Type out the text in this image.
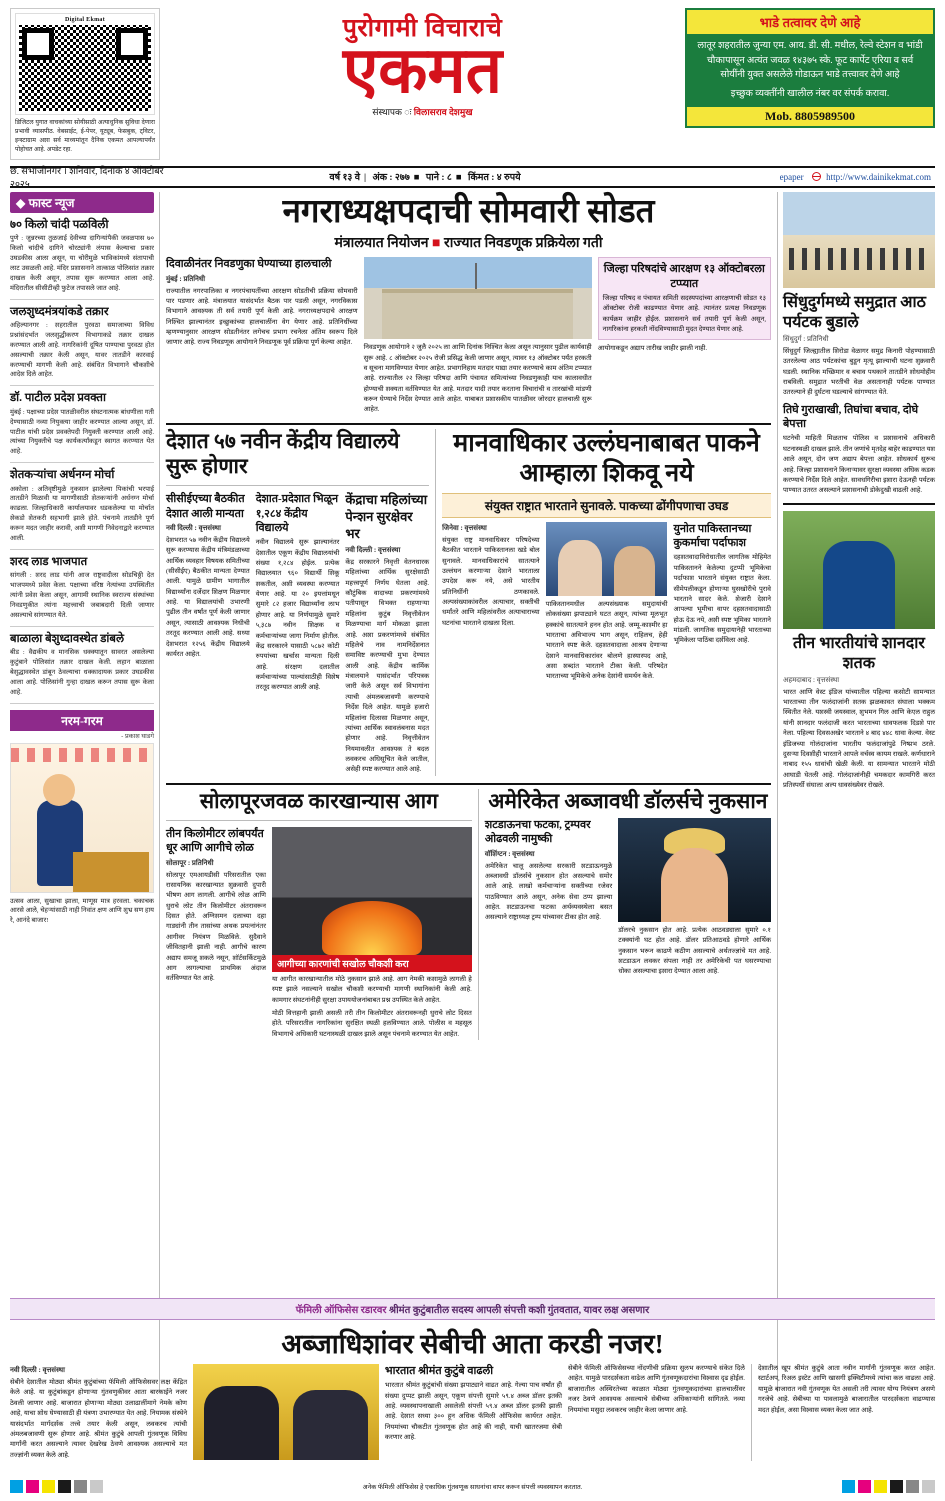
Digital Ekmat
डिजिटल युगात वाचकांच्या सोयीसाठी अत्याधुनिक सुविधा देणारा प्रभावी व्यासपीठ. वेबसाईट, ई-पेपर, यूट्यूब, फेसबुक, ट्विटर, इन्स्टाग्राम अशा सर्व माध्यमांतून दैनिक एकमत आपल्यापर्यंत पोहोचत आहे. अपडेट रहा.
पुरोगामी विचाराचे
एकमत
संस्थापक ः विलासराव देशमुख
भाडे तत्वावर देणे आहे
लातूर शहरातील जुन्या एम. आय. डी. सी. मधील, रेल्वे स्टेशन व भांडी चौकापासून अत्यंत जवळ १४३७५ स्के. फूट कार्पेट एरिया व सर्व सोयींनी युक्त असलेले गोडाऊन भाडे तत्त्वावर देणे आहे
इच्छुक व्यक्तींनी खालील नंबर वर संपर्क करावा.
Mob. 8805989500
छ. संभाजीनगर । शनिवार, दिनांक ४ ऑक्टोबर २०२५
वर्ष १३ वे | अंक : २७७ ■ पाने : ८ ■ किंमत : ४ रुपये	epaper	http://www.dainikekmat.com
◆ फास्ट न्यूज
७० किलो चांदी पळविली
पुणे : जुन्नरच्या तुळजाई देवीच्या दागिन्यांपैकी जवळपास ७० किलो चांदीचे दागिने चोरट्यांनी लंपास केल्याचा प्रकार उघडकीस आला असून, या चोरीमुळे भाविकांमध्ये संतापाची लाट उसळली आहे. मंदिर प्रशासनाने तात्काळ पोलिसांत तक्रार दाखल केली असून, तपास सुरू करण्यात आला आहे. मंदिरातील सीसीटीव्ही फुटेज तपासले जात आहे.
जलशुध्दमंत्रयांकडे तक्रार
अहिल्यानगर : शहरातील पुरवठा समाजाच्या विविध प्रश्नांसंदर्भात जलशुद्धीकरण विभागाकडे तक्रार दाखल करण्यात आली आहे. नागरिकांनी दूषित पाण्याचा पुरवठा होत असल्याची तक्रार केली असून, यावर तातडीने कारवाई करण्याची मागणी केली आहे. संबंधित विभागाने चौकशीचे आदेश दिले आहेत.
डॉ. पाटील प्रदेश प्रवक्ता
मुंबई : पक्षाच्या प्रदेश पातळीवरील संघटनात्मक बांधणीला गती देण्यासाठी नव्या नियुक्त्या जाहीर करण्यात आल्या असून, डॉ. पाटील यांची प्रदेश प्रवक्तेपदी नियुक्ती करण्यात आली आहे. त्यांच्या नियुक्तीचे पक्ष कार्यकर्त्यांकडून स्वागत करण्यात येत आहे.
शेतकऱ्यांचा अर्धनग्न मोर्चा
अकोला : अतिवृष्टीमुळे नुकसान झालेल्या पिकांची भरपाई तातडीने मिळावी या मागणीसाठी शेतकऱ्यांनी अर्धनग्न मोर्चा काढला. जिल्हाधिकारी कार्यालयावर धडकलेल्या या मोर्चात शेकडो शेतकरी सहभागी झाले होते. पंचनामे तातडीने पूर्ण करून मदत जाहीर करावी, अशी मागणी निवेदनाद्वारे करण्यात आली.
शरद लाड भाजपात
सांगली : शरद लाड यांनी आज राष्ट्रवादीला सोडचिठ्ठी देत भाजपमध्ये प्रवेश केला. पक्षाच्या वरिष्ठ नेत्यांच्या उपस्थितीत त्यांनी प्रवेश केला असून, आगामी स्थानिक स्वराज्य संस्थांच्या निवडणुकीत त्यांना महत्त्वाची जबाबदारी दिली जाणार असल्याचे सांगण्यात येते.
बाळाला बेशुध्दावस्थेत डांबले
बीड : वैद्यकीय व मानसिक धक्क्यातून सावरत असलेल्या कुटुंबाने पोलिसांत तक्रार दाखल केली. लहान बाळाला बेशुद्धावस्थेत डांबून ठेवल्याचा धक्कादायक प्रकार उघडकीस आला आहे. पोलिसांनी गुन्हा दाखल करून तपास सुरू केला आहे.
नरम-गरम
- प्रकाश घाडगे
उत्सव आला, सुखाचा झाला, माणूस मात्र हरवला. चकाचक आरसे आले, चेहऱ्यांसाठी नाही निवांत क्षण आणि शुभ्र सण हाय रे, आनंदे बाजार!
नगराध्यक्षपदाची सोमवारी सोडत
मंत्रालयात नियोजन ■ राज्यात निवडणूक प्रक्रियेला गती
दिवाळीनंतर निवडणुका घेण्याच्या हालचाली
मुंबई : प्रतिनिधी
राज्यातील नगरपालिका व नगरपंचायतींच्या आरक्षण सोडतीची प्रक्रिया सोमवारी पार पडणार आहे. मंत्रालयात यासंदर्भात बैठक पार पडली असून, नगरविकास विभागाने आवश्यक ती सर्व तयारी पूर्ण केली आहे. नगराध्यक्षपदाचे आरक्षण निश्चित झाल्यानंतर इच्छुकांच्या हालचालींना वेग येणार आहे. प्रतिनिधींच्या म्हणण्यानुसार आरक्षण सोडतीनंतर लगेचच प्रभाग रचनेला अंतिम स्वरूप दिले जाणार आहे. राज्य निवडणूक आयोगाने निवडणूक पूर्व प्रक्रिया पूर्ण केल्या आहेत.
निवडणूक आयोगाने २ जुलै २०२५ ला आणि दिनांक निश्चित केला असून त्यानुसार पुढील कार्यवाही सुरू आहे. ८ ऑक्टोबर २०२५ रोजी प्रसिद्ध केली जाणार असून, त्यावर १३ ऑक्टोबर पर्यंत हरकती व सूचना मागविण्यात येणार आहेत. प्रभागनिहाय मतदार याद्या तयार करण्याचे काम अंतिम टप्प्यात आहे. राज्यातील २२ जिल्हा परिषदा आणि पंचायत समित्यांच्या निवडणुकाही याच कालावधीत होण्याची शक्यता वर्तविण्यात येत आहे. मतदार यादी तयार करताना विचारांची व तारखांची मांडणी करून घेण्याचे निर्देश देण्यात आले आहेत. याबाबत प्रशासकीय पातळीवर जोरदार हालचाली सुरू आहेत.
जिल्हा परिषदांचे आरक्षण १३ ऑक्टोबरला टप्प्यात
जिल्हा परिषद व पंचायत समिती सदस्यपदांच्या आरक्षणाची सोडत १३ ऑक्टोबर रोजी काढण्यात येणार आहे. त्यानंतर प्रत्यक्ष निवडणूक कार्यक्रम जाहीर होईल. प्रशासनाने सर्व तयारी पूर्ण केली असून, नागरिकांना हरकती नोंदविण्यासाठी मुदत देण्यात येणार आहे.
आयोगाकडून अद्याप तारीख जाहीर झाली नाही.
देशात ५७ नवीन केंद्रीय विद्यालये सुरू होणार
सीसीईएच्या बैठकीत देशात आली मान्यता
नवी दिल्ली : वृत्तसंस्था
देशभरात ५७ नवीन केंद्रीय विद्यालये सुरू करण्यास केंद्रीय मंत्रिमंडळाच्या आर्थिक व्यवहार विषयक समितीच्या (सीसीईए) बैठकीत मान्यता देण्यात आली. यामुळे ग्रामीण भागातील विद्यार्थ्यांना दर्जेदार शिक्षण मिळणार आहे. या विद्यालयांची उभारणी पुढील तीन वर्षांत पूर्ण केली जाणार असून, त्यासाठी आवश्यक निधीची तरतूद करण्यात आली आहे. सध्या देशभरात १२५६ केंद्रीय विद्यालये कार्यरत आहेत.
देशात-प्रदेशात भिळून १,२८४ केंद्रीय विद्यालये
नवीन विद्यालये सुरू झाल्यानंतर देशातील एकूण केंद्रीय विद्यालयांची संख्या १,२८४ होईल. प्रत्येक विद्यालयात ९६० विद्यार्थी शिकू शकतील, अशी व्यवस्था करण्यात येणार आहे. या २० इयत्तांमधून सुमारे ८२ हजार विद्यार्थ्यांना लाभ होणार आहे. या निर्णयामुळे सुमारे ५,३८७ नवीन शिक्षक व कर्मचाऱ्यांच्या जागा निर्माण होतील. केंद्र सरकारने यासाठी ५८७२ कोटी रुपयांच्या खर्चास मान्यता दिली आहे. संरक्षण दलातील कर्मचाऱ्यांच्या पाल्यांसाठीही विशेष तरतूद करण्यात आली आहे.
केंद्राचा महिलांच्या पेन्शन सुरक्षेवर भर
नवी दिल्ली : वृत्तसंस्था
केंद्र सरकारने निवृत्ती वेतनधारक महिलांच्या आर्थिक सुरक्षेसाठी महत्त्वपूर्ण निर्णय घेतला आहे. कौटुंबिक वादाच्या प्रकरणांमध्ये पतीपासून विभक्त राहणाऱ्या महिलांना कुटुंब निवृत्तीवेतन मिळण्याचा मार्ग मोकळा झाला आहे. अशा प्रकरणांमध्ये संबंधित महिलेचे नाव नामनिर्देशनात समाविष्ट करण्याची मुभा देण्यात आली आहे. केंद्रीय कार्मिक मंत्रालयाने यासंदर्भात परिपत्रक जारी केले असून सर्व विभागांना त्याची अंमलबजावणी करण्याचे निर्देश दिले आहेत. यामुळे हजारो महिलांना दिलासा मिळणार असून, त्यांच्या आर्थिक स्वावलंबनास मदत होणार आहे. निवृत्तीवेतन नियमावलीत आवश्यक ते बदल लवकरच अधिसूचित केले जातील, असेही स्पष्ट करण्यात आले आहे.
मानवाधिकार उल्लंघनाबाबत पाकने आम्हाला शिकवू नये
संयुक्त राष्ट्रात भारताने सुनावले. पाकच्या ढोंगीपणाचा उघड
जिनेवा : वृत्तसंस्था
संयुक्त राष्ट्र मानवाधिकार परिषदेच्या बैठकीत भारताने पाकिस्तानला खडे बोल सुनावले. मानवाधिकारांचे सातत्याने उल्लंघन करणाऱ्या देशाने भारताला उपदेश करू नये, असे भारतीय प्रतिनिधींनी ठणकावले. अल्पसंख्याकांवरील अत्याचार, सक्तीची धर्मांतरे आणि महिलांवरील अत्याचाराच्या घटनांचा भारताने दाखला दिला.
पाकिस्तानमधील अल्पसंख्याक समुदायांची लोकसंख्या झपाट्याने घटत असून, त्यांच्या मूलभूत हक्कांचे सातत्याने हनन होत आहे. जम्मू-काश्मीर हा भारताचा अविभाज्य भाग असून, राहिलच, हेही भारताने स्पष्ट केले. दहशतवादाला आश्रय देणाऱ्या देशाने मानवाधिकारांवर बोलणे हास्यास्पद आहे, अशा शब्दांत भारताने टीका केली. परिषदेत भारताच्या भूमिकेचे अनेक देशांनी समर्थन केले.
युनोत पाकिस्तानच्या कुकर्माचा पर्दाफाश
दहशतवादाविरोधातील जागतिक मोहिमेत पाकिस्तानने केलेल्या दुटप्पी भूमिकेचा पर्दाफाश भारताने संयुक्त राष्ट्रात केला. सीमेपलीकडून होणाऱ्या घुसखोरीचे पुरावे भारताने सादर केले. शेजारी देशाने आपल्या भूमीचा वापर दहशतवादासाठी होऊ देऊ नये, अशी स्पष्ट भूमिका भारताने मांडली. जागतिक समुदायानेही भारताच्या भूमिकेला पाठिंबा दर्शविला आहे.
सोलापूरजवळ कारखान्यास आग
तीन किलोमीटर लांबपर्यंत धूर आणि आगीचे लोळ
सोलापूर : प्रतिनिधी
सोलापूर एमआयडीसी परिसरातील एका रासायनिक कारखान्यात शुक्रवारी दुपारी भीषण आग लागली. आगीचे लोळ आणि धुराचे लोट तीन किलोमीटर अंतरावरून दिसत होते. अग्निशमन दलाच्या दहा गाड्यांनी तीन तासांच्या अथक प्रयत्नांनंतर आगीवर नियंत्रण मिळविले. सुदैवाने जीवितहानी झाली नाही. आगीचे कारण अद्याप समजू शकले नसून, शॉर्टसर्किटमुळे आग लागल्याचा प्राथमिक अंदाज वर्तविण्यात येत आहे.
आगीच्या कारणांची सखोल चौकशी करा
या आगीत कारखान्यातील मोठे नुकसान झाले आहे. आग नेमकी कशामुळे लागली हे स्पष्ट झाले नसल्याने सखोल चौकशी करण्याची मागणी स्थानिकांनी केली आहे. कामगार संघटनांनीही सुरक्षा उपाययोजनांबाबत प्रश्न उपस्थित केले आहेत.
मोठी वित्तहानी झाली असली तरी तीन किलोमीटर अंतरावरूनही धुराचे लोट दिसत होते. परिसरातील नागरिकांना सुरक्षित स्थळी हलविण्यात आले. पोलीस व महसूल विभागाचे अधिकारी घटनास्थळी दाखल झाले असून पंचनामे करण्यात येत आहेत.
अमेरिकेत अब्जावधी डॉलर्सचे नुकसान
शटडाऊनचा फटका, ट्रम्पवर ओढवली नामुष्की
वॉशिंग्टन : वृत्तसंस्था
अमेरिकेत चालू असलेल्या सरकारी शटडाऊनमुळे अब्जावधी डॉलर्सचे नुकसान होत असल्याचे समोर आले आहे. लाखो कर्मचाऱ्यांना सक्तीच्या रजेवर पाठविण्यात आले असून, अनेक सेवा ठप्प झाल्या आहेत. शटडाऊनचा फटका अर्थव्यवस्थेला बसत असल्याने राष्ट्राध्यक्ष ट्रम्प यांच्यावर टीका होत आहे.
डॉलरचे नुकसान होत आहे. प्रत्येक आठवड्याला सुमारे ०.१ टक्क्यांनी घट होत आहे. डॉलर प्रतिआठवडे होणारे आर्थिक नुकसान भरून काढणे कठीण असल्याचे अर्थतज्ज्ञांचे मत आहे. शटडाऊन लवकर संपला नाही तर अमेरिकेची पत घसरण्याचा धोका असल्याचा इशारा देण्यात आला आहे.
सिंधुदुर्गमध्ये समुद्रात आठ पर्यटक बुडाले
सिंधुदुर्ग : प्रतिनिधी
सिंधुदुर्ग जिल्ह्यातील शिरोडा वेळागर समुद्र किनारी पोहण्यासाठी उतरलेल्या आठ पर्यटकांचा बुडून मृत्यू झाल्याची घटना शुक्रवारी घडली. स्थानिक मच्छिमार व बचाव पथकाने तातडीने शोधमोहीम राबविली. समुद्रात भरतीची वेळ असतानाही पर्यटक पाण्यात उतरल्याने ही दुर्घटना घडल्याचे सांगण्यात येते.
तिघे गुराखाखी, तिघांचा बचाव, दोघे बेपत्ता
घटनेची माहिती मिळताच पोलिस व प्रशासनाचे अधिकारी घटनास्थळी दाखल झाले. तीन जणांचे मृतदेह बाहेर काढण्यात यश आले असून, दोन जण अद्याप बेपत्ता आहेत. शोधकार्य सुरूच आहे. जिल्हा प्रशासनाने किनाऱ्यावर सुरक्षा व्यवस्था अधिक कडक करण्याचे निर्देश दिले आहेत. सावधगिरीचा इशारा देऊनही पर्यटक पाण्यात उतरत असल्याने प्रशासनाची डोकेदुखी वाढली आहे.
तीन भारतीयांचे शानदार शतक
अहमदाबाद : वृत्तसंस्था
भारत आणि वेस्ट इंडिज यांच्यातील पहिल्या कसोटी सामन्यात भारताच्या तीन फलंदाजांनी शतक झळकावत संघाला भक्कम स्थितीत नेले. यशस्वी जयस्वाल, शुभमन गिल आणि केएल राहुल यांनी शानदार फलंदाजी करत भारताच्या धावफलक दिडशे पार नेला. पहिल्या दिवसअखेर भारताने ४ बाद ४४८ धावा केल्या. वेस्ट इंडिजच्या गोलंदाजांना भारतीय फलंदाजांपुढे निष्प्रभ ठरले. दुसऱ्या दिवशीही भारताने आपले वर्चस्व कायम राखले. कर्णधाराने नाबाद १५५ धावांची खेळी केली. या सामन्यात भारताने मोठी आघाडी घेतली आहे. गोलंदाजांनीही चमकदार कामगिरी करत प्रतिस्पर्धी संघाला अल्प धावसंख्येवर रोखले.
फॅमिली ऑफिसेस रडारवर श्रीमंत कुटुंबातील सदस्य आपली संपत्ती कशी गुंतवतात, यावर लक्ष असणार
अब्जाधिशांवर सेबीची आता करडी नजर!
नवी दिल्ली : वृत्तसंस्था
सेबीने देशातील मोठ्या श्रीमंत कुटुंबांच्या फॅमिली ऑफिसेसवर लक्ष केंद्रित केले आहे. या कुटुंबांकडून होणाऱ्या गुंतवणुकीवर आता बारकाईने नजर ठेवली जाणार आहे. बाजारात होणाऱ्या मोठ्या उलाढालींमागे नेमके कोण आहे, याचा शोध घेण्यासाठी ही यंत्रणा उभारण्यात येत आहे. नियामक संस्थेने यासंदर्भात मार्गदर्शक तत्त्वे तयार केली असून, लवकरच त्यांची अंमलबजावणी सुरू होणार आहे. श्रीमंत कुटुंबे आपली गुंतवणूक विविध मार्गांनी करत असल्याने त्यावर देखरेख ठेवणे आवश्यक असल्याचे मत तज्ज्ञांनी व्यक्त केले आहे.
भारतात श्रीमंत कुटुंबे वाढली
भारतात श्रीमंत कुटुंबांची संख्या झपाट्याने वाढत आहे. गेल्या पाच वर्षांत ही संख्या दुप्पट झाली असून, एकूण संपत्ती सुमारे ५९.४ अब्ज डॉलर इतकी आहे. व्यवस्थापनाखाली असलेली संपत्ती ५९.४ अब्ज डॉलर इतकी झाली आहे. देशात सध्या ३०० हून अधिक फॅमिली ऑफिसेस कार्यरत आहेत. नियमांच्या चौकटीत गुंतवणूक होत आहे की नाही, याची खातरजमा सेबी करणार आहे.
सेबीने फॅमिली ऑफिसेसच्या नोंदणीची प्रक्रिया सुलभ करण्याचे संकेत दिले आहेत. यामुळे पारदर्शकता वाढेल आणि गुंतवणूकदारांचा विश्वास दृढ होईल. बाजारातील अस्थिरतेच्या काळात मोठ्या गुंतवणूकदारांच्या हालचालींवर नजर ठेवणे आवश्यक असल्याचे सेबीच्या अधिकाऱ्यांनी सांगितले. नव्या नियमांचा मसुदा लवकरच जाहीर केला जाणार आहे.
देशातील खूप श्रीमंत कुटुंबे आता नवीन मार्गांनी गुंतवणूक करत आहेत. स्टार्टअप, रिअल इस्टेट आणि खासगी इक्विटीमध्ये त्यांचा कल वाढला आहे. यामुळे बाजारात नवी गुंतवणूक येत असली तरी त्यावर योग्य नियंत्रण असणे गरजेचे आहे. सेबीच्या या पावलामुळे बाजारातील पारदर्शकता वाढण्यास मदत होईल, असा विश्वास व्यक्त केला जात आहे.
अनेक फॅमिली ऑफिसेस हे एकाधिक गुंतवणूक साधनांचा वापर करून संपत्ती व्यवस्थापन करतात.
